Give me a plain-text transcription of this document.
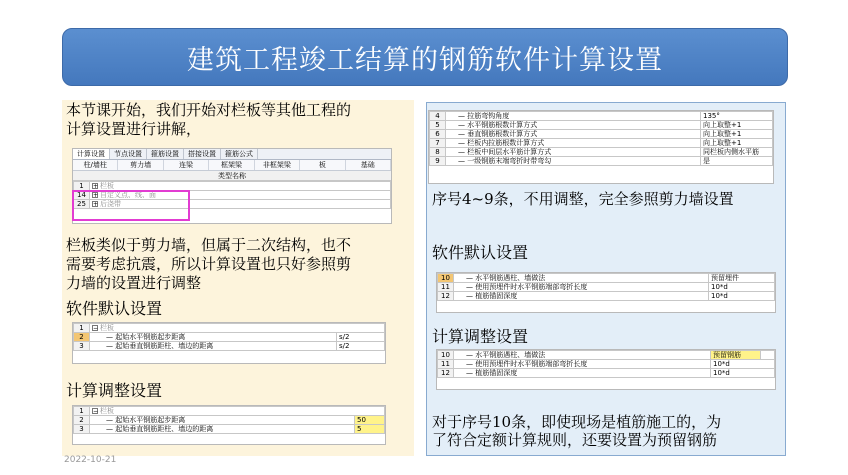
建筑工程竣工结算的钢筋软件计算设置
本节课开始，我们开始对栏板等其他工程的
计算设置进行讲解，
计算设置	节点设置	箍筋设置	搭接设置	箍筋公式
柱/墙柱	剪力墙	连梁	框架梁	非框架梁	板	基础
类型名称
1	+ 栏板
14	+ 自定义点、线、面
25	+ 后浇带
栏板类似于剪力墙，但属于二次结构，也不
需要考虑抗震，所以计算设置也只好参照剪
力墙的设置进行调整
软件默认设置
1	− 栏板	
2	— 起始水平钢筋起步距离	s/2
3	— 起始垂直钢筋距柱、墙边的距离	s/2
计算调整设置
1	− 栏板	
2	— 起始水平钢筋起步距离	50
3	— 起始垂直钢筋距柱、墙边的距离	5
2022-10-21
4	— 拉筋弯钩角度	135°
5	— 水平钢筋根数计算方式	向上取整+1
6	— 垂直钢筋根数计算方式	向上取整+1
7	— 栏板内拉筋根数计算方式	向上取整+1
8	— 栏板中间层水平筋计算方式	同栏板内侧水平筋
9	— 一级钢筋末端弯折时带弯勾	是
序号4~9条，不用调整，完全参照剪力墙设置
软件默认设置
10	— 水平钢筋遇柱、墙做法	预留埋件
11	— 使用预埋件时水平钢筋端部弯折长度	10*d
12	— 植筋锚固深度	10*d
计算调整设置
10	— 水平钢筋遇柱、墙做法	预留钢筋	
11	— 使用预埋件时水平钢筋端部弯折长度	10*d	
12	— 植筋锚固深度	10*d	
对于序号10条，即使现场是植筋施工的，为
了符合定额计算规则，还要设置为预留钢筋
